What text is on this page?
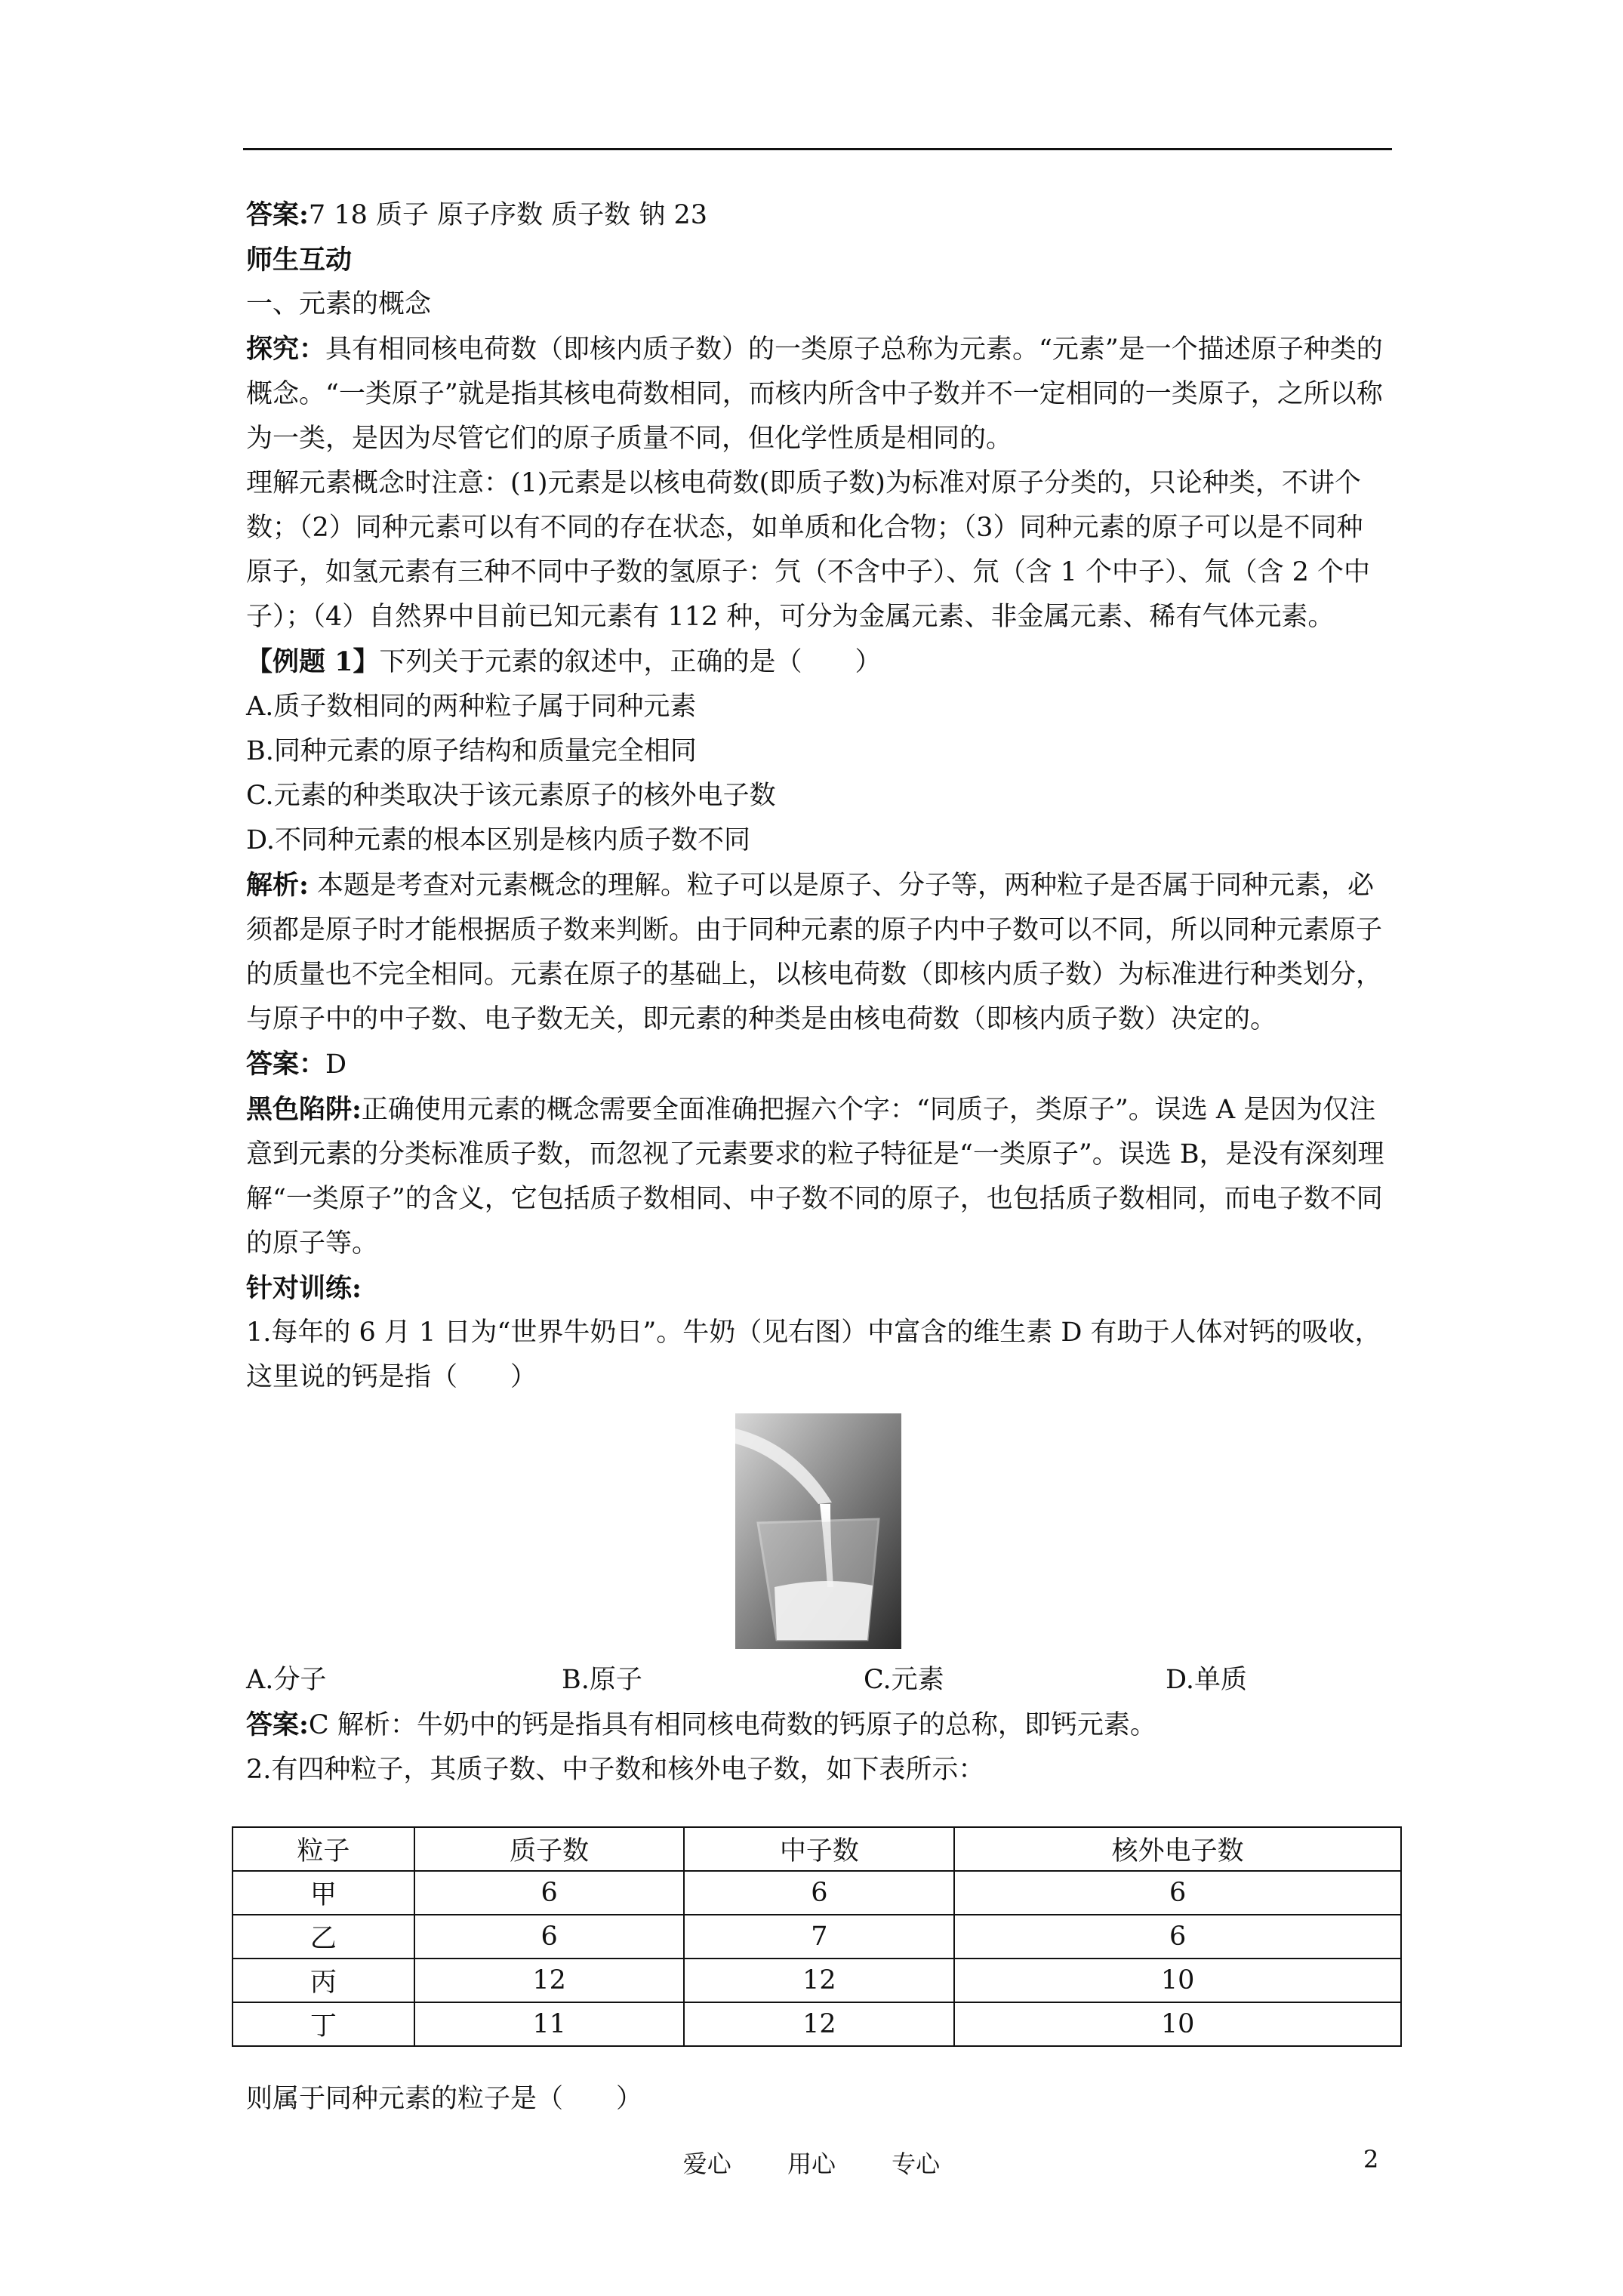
答案:7 18 质子 原子序数 质子数 钠 23

师生互动

一、元素的概念

探究：具有相同核电荷数（即核内质子数）的一类原子总称为元素。“元素”是一个描述原子种类的概念。“一类原子”就是指其核电荷数相同，而核内所含中子数并不一定相同的一类原子，之所以称为一类，是因为尽管它们的原子质量不同，但化学性质是相同的。

理解元素概念时注意：(1)元素是以核电荷数(即质子数)为标准对原子分类的，只论种类，不讲个数；（2）同种元素可以有不同的存在状态，如单质和化合物；（3）同种元素的原子可以是不同种原子，如氢元素有三种不同中子数的氢原子：氕（不含中子）、氘（含 1 个中子）、氚（含 2 个中子）；（4）自然界中目前已知元素有 112 种，可分为金属元素、非金属元素、稀有气体元素。

【例题 1】下列关于元素的叙述中，正确的是（　　）

A.质子数相同的两种粒子属于同种元素

B.同种元素的原子结构和质量完全相同

C.元素的种类取决于该元素原子的核外电子数

D.不同种元素的根本区别是核内质子数不同

解析: 本题是考查对元素概念的理解。粒子可以是原子、分子等，两种粒子是否属于同种元素，必须都是原子时才能根据质子数来判断。由于同种元素的原子内中子数可以不同，所以同种元素原子的质量也不完全相同。元素在原子的基础上，以核电荷数（即核内质子数）为标准进行种类划分，与原子中的中子数、电子数无关，即元素的种类是由核电荷数（即核内质子数）决定的。

答案：D

黑色陷阱:正确使用元素的概念需要全面准确把握六个字：“同质子，类原子”。误选 A 是因为仅注意到元素的分类标准质子数，而忽视了元素要求的粒子特征是“一类原子”。误选 B，是没有深刻理解“一类原子”的含义，它包括质子数相同、中子数不同的原子，也包括质子数相同，而电子数不同的原子等。

针对训练:

1.每年的 6 月 1 日为“世界牛奶日”。牛奶（见右图）中富含的维生素 D 有助于人体对钙的吸收，这里说的钙是指（　　）

A.分子	B.原子	C.元素	D.单质

答案:C 解析：牛奶中的钙是指具有相同核电荷数的钙原子的总称，即钙元素。

2.有四种粒子，其质子数、中子数和核外电子数，如下表所示：

粒子	质子数	中子数	核外电子数
甲	6	6	6
乙	6	7	6
丙	12	12	10
丁	11	12	10

则属于同种元素的粒子是（　　）

爱心 用心 专心	2
